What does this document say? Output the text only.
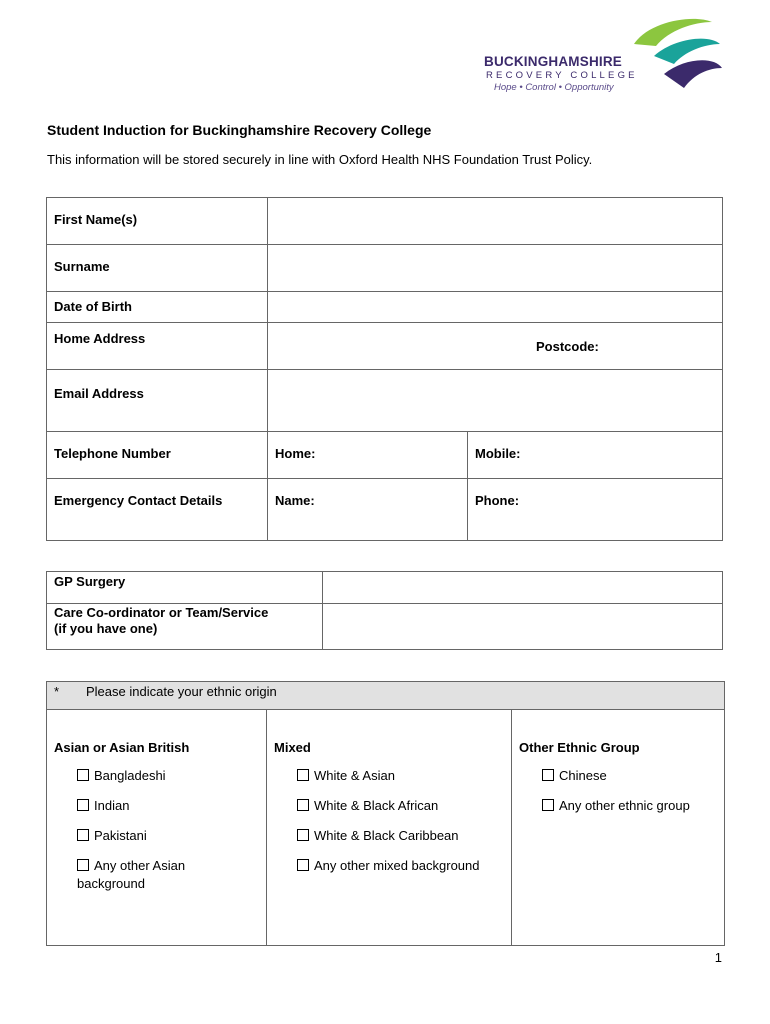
BUCKINGHAMSHIRE
RECOVERY COLLEGE
Hope • Control • Opportunity
Student Induction for Buckinghamshire Recovery College
This information will be stored securely in line with Oxford Health NHS Foundation Trust Policy.
First Name(s)		
Surname		
Date of Birth		
Home Address	Postcode:	

Email Address		
Telephone Number	Home:	Mobile:
Emergency Contact Details	Name:	Phone:
GP Surgery	

Care Co-ordinator or Team/Service
(if you have one)	

* Please indicate your ethnic origin

Asian or Asian British
Bangladeshi
Indian
Pakistani
Any other Asian background

Mixed
White & Asian
White & Black African
White & Black Caribbean
Any other mixed background

Other Ethnic Group
Chinese
Any other ethnic group
1
